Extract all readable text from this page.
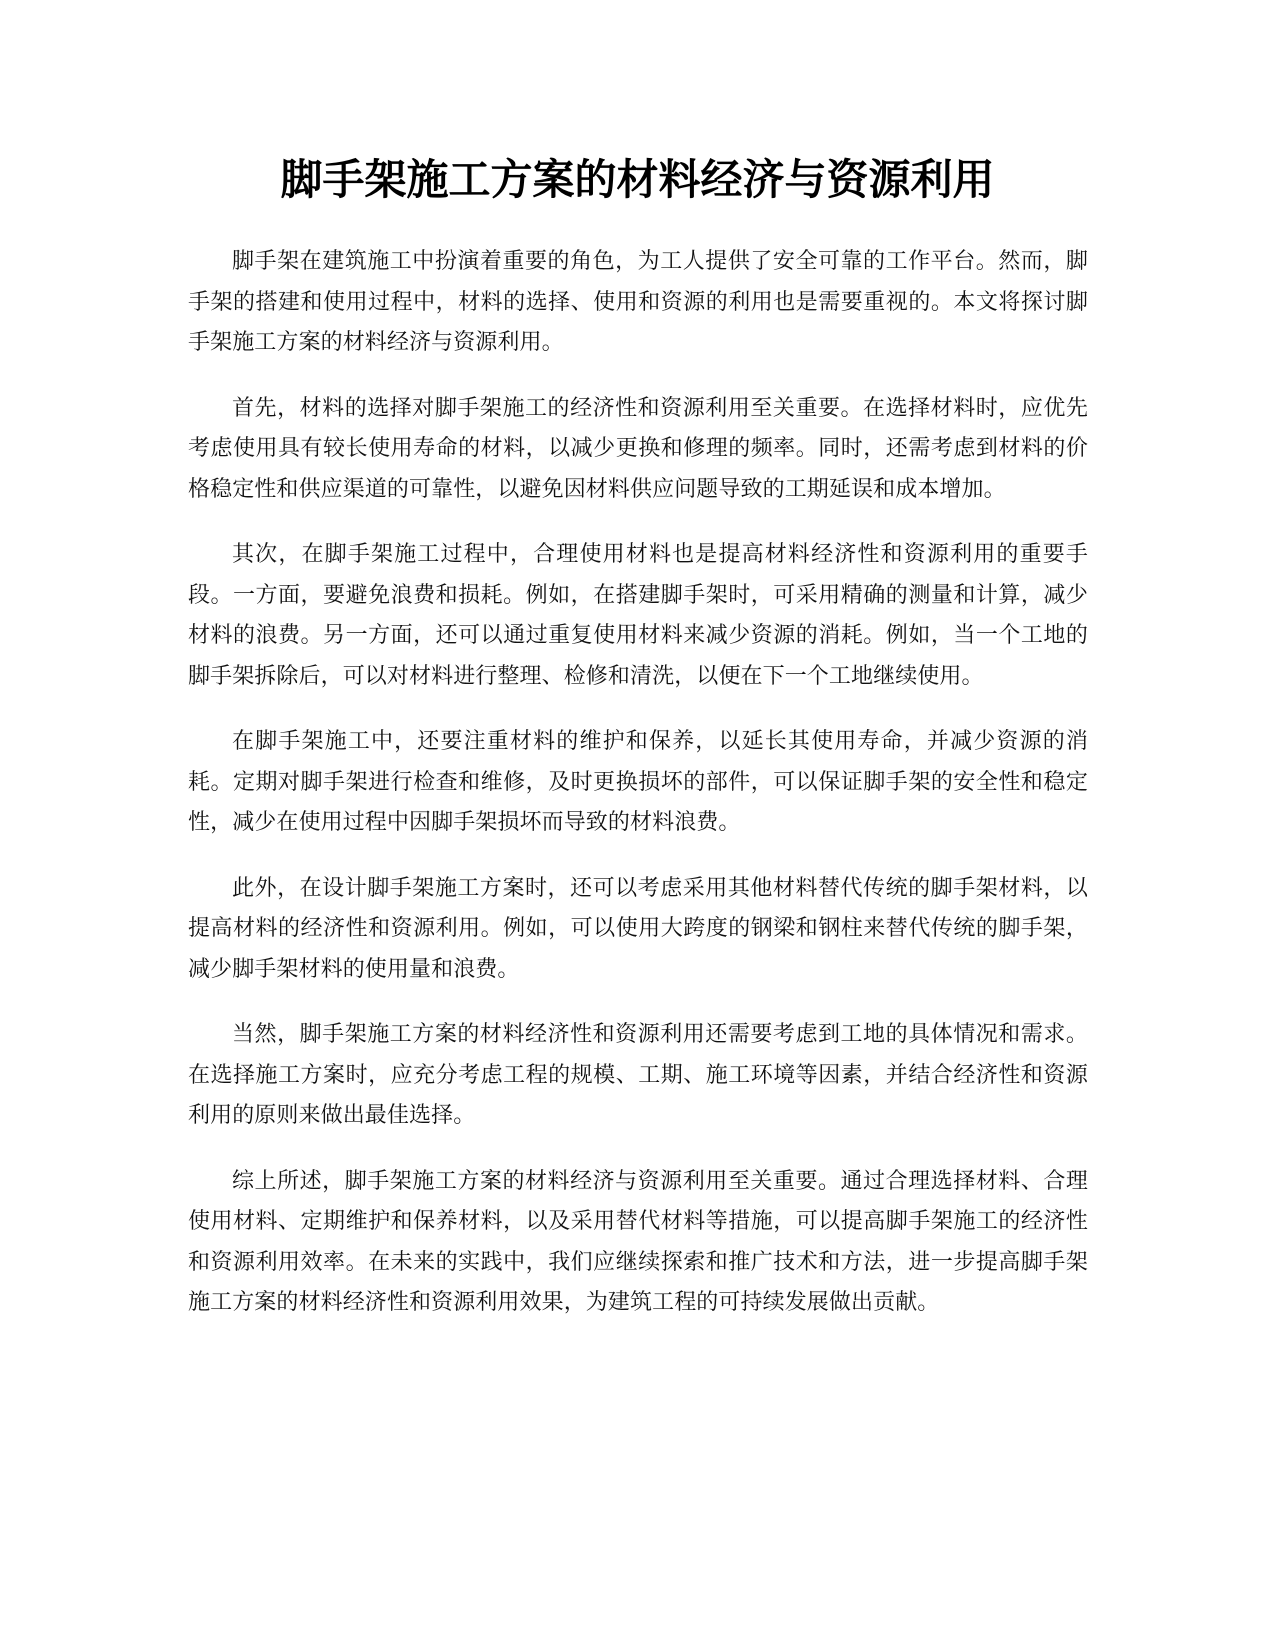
脚手架施工方案的材料经济与资源利用

脚手架在建筑施工中扮演着重要的角色，为工人提供了安全可靠的工作平台。然而，脚手架的搭建和使用过程中，材料的选择、使用和资源的利用也是需要重视的。本文将探讨脚手架施工方案的材料经济与资源利用。

首先，材料的选择对脚手架施工的经济性和资源利用至关重要。在选择材料时，应优先考虑使用具有较长使用寿命的材料，以减少更换和修理的频率。同时，还需考虑到材料的价格稳定性和供应渠道的可靠性，以避免因材料供应问题导致的工期延误和成本增加。

其次，在脚手架施工过程中，合理使用材料也是提高材料经济性和资源利用的重要手段。一方面，要避免浪费和损耗。例如，在搭建脚手架时，可采用精确的测量和计算，减少材料的浪费。另一方面，还可以通过重复使用材料来减少资源的消耗。例如，当一个工地的脚手架拆除后，可以对材料进行整理、检修和清洗，以便在下一个工地继续使用。

在脚手架施工中，还要注重材料的维护和保养，以延长其使用寿命，并减少资源的消耗。定期对脚手架进行检查和维修，及时更换损坏的部件，可以保证脚手架的安全性和稳定性，减少在使用过程中因脚手架损坏而导致的材料浪费。

此外，在设计脚手架施工方案时，还可以考虑采用其他材料替代传统的脚手架材料，以提高材料的经济性和资源利用。例如，可以使用大跨度的钢梁和钢柱来替代传统的脚手架，减少脚手架材料的使用量和浪费。

当然，脚手架施工方案的材料经济性和资源利用还需要考虑到工地的具体情况和需求。在选择施工方案时，应充分考虑工程的规模、工期、施工环境等因素，并结合经济性和资源利用的原则来做出最佳选择。

综上所述，脚手架施工方案的材料经济与资源利用至关重要。通过合理选择材料、合理使用材料、定期维护和保养材料，以及采用替代材料等措施，可以提高脚手架施工的经济性和资源利用效率。在未来的实践中，我们应继续探索和推广技术和方法，进一步提高脚手架施工方案的材料经济性和资源利用效果，为建筑工程的可持续发展做出贡献。
